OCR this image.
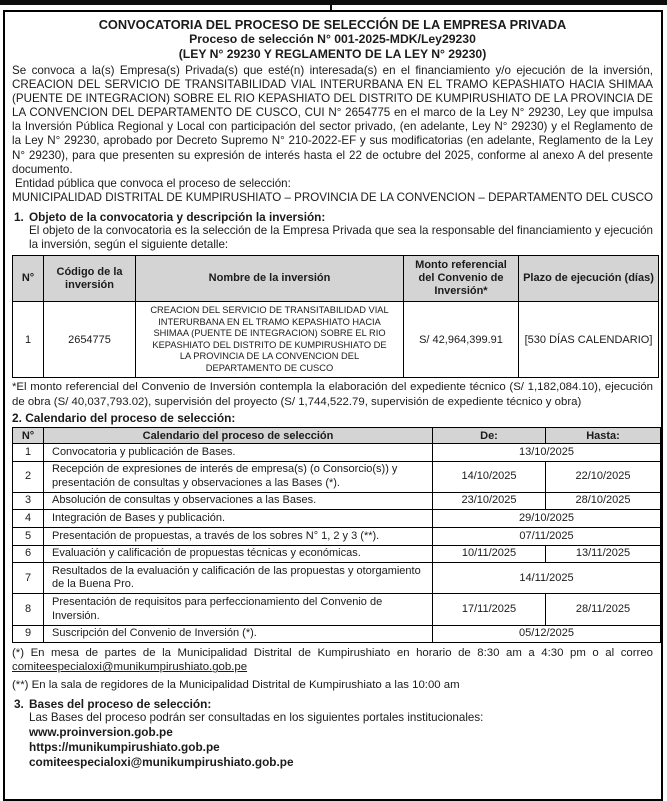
CONVOCATORIA DEL PROCESO DE SELECCIÓN DE LA EMPRESA PRIVADA

Proceso de selección N° 001-2025-MDK/Ley29230

(LEY N° 29230 Y REGLAMENTO DE LA LEY N° 29230)

Se convoca a la(s) Empresa(s) Privada(s) que esté(n) interesada(s) en el financiamiento y/o ejecución de la inversión, CREACION DEL SERVICIO DE TRANSITABILIDAD VIAL INTERURBANA EN EL TRAMO KEPASHIATO HACIA SHIMAA (PUENTE DE INTEGRACION) SOBRE EL RIO KEPASHIATO DEL DISTRITO DE KUMPIRUSHIATO DE LA PROVINCIA DE LA CONVENCION DEL DEPARTAMENTO DE CUSCO, CUI N° 2654775 en el marco de la Ley N° 29230, Ley que impulsa la Inversión Pública Regional y Local con participación del sector privado, (en adelante, Ley N° 29230) y el Reglamento de la Ley N° 29230, aprobado por Decreto Supremo N° 210-2022-EF y sus modificatorias (en adelante, Reglamento de la Ley N° 29230), para que presenten su expresión de interés hasta el 22 de octubre del 2025, conforme al anexo A del presente documento.

Entidad pública que convoca el proceso de selección:

MUNICIPALIDAD DISTRITAL DE KUMPIRUSHIATO – PROVINCIA DE LA CONVENCION – DEPARTAMENTO DEL CUSCO

1. Objeto de la convocatoria y descripción la inversión:

El objeto de la convocatoria es la selección de la Empresa Privada que sea la responsable del financiamiento y ejecución la inversión, según el siguiente detalle:

N°	Código de la inversión	Nombre de la inversión	Monto referencial del Convenio de Inversión*	Plazo de ejecución (días)
1	2654775	CREACION DEL SERVICIO DE TRANSITABILIDAD VIAL INTERURBANA EN EL TRAMO KEPASHIATO HACIA SHIMAA (PUENTE DE INTEGRACION) SOBRE EL RIO KEPASHIATO DEL DISTRITO DE KUMPIRUSHIATO DE LA PROVINCIA DE LA CONVENCION DEL DEPARTAMENTO DE CUSCO	S/ 42,964,399.91	[530 DÍAS CALENDARIO]

*El monto referencial del Convenio de Inversión contempla la elaboración del expediente técnico (S/ 1,182,084.10), ejecución de obra (S/ 40,037,793.02), supervisión del proyecto (S/ 1,744,522.79, supervisión de expediente técnico y obra)

2. Calendario del proceso de selección:

N°	Calendario del proceso de selección	De:	Hasta:
1	Convocatoria y publicación de Bases.	13/10/2025	
2	Recepción de expresiones de interés de empresa(s) (o Consorcio(s)) y presentación de consultas y observaciones a las Bases (*).	14/10/2025	22/10/2025
3	Absolución de consultas y observaciones a las Bases.	23/10/2025	28/10/2025
4	Integración de Bases y publicación.	29/10/2025	
5	Presentación de propuestas, a través de los sobres N° 1, 2 y 3 (**).	07/11/2025	
6	Evaluación y calificación de propuestas técnicas y económicas.	10/11/2025	13/11/2025
7	Resultados de la evaluación y calificación de las propuestas y otorgamiento de la Buena Pro.	14/11/2025	
8	Presentación de requisitos para perfeccionamiento del Convenio de Inversión.	17/11/2025	28/11/2025
9	Suscripción del Convenio de Inversión (*).	05/12/2025	

(*) En mesa de partes de la Municipalidad Distrital de Kumpirushiato en horario de 8:30 am a 4:30 pm o al correo comiteespecialoxi@munikumpirushiato.gob.pe

(**) En la sala de regidores de la Municipalidad Distrital de Kumpirushiato a las 10:00 am

3. Bases del proceso de selección:

Las Bases del proceso podrán ser consultadas en los siguientes portales institucionales:

www.proinversion.gob.pe

https://munikumpirushiato.gob.pe

comiteespecialoxi@munikumpirushiato.gob.pe
